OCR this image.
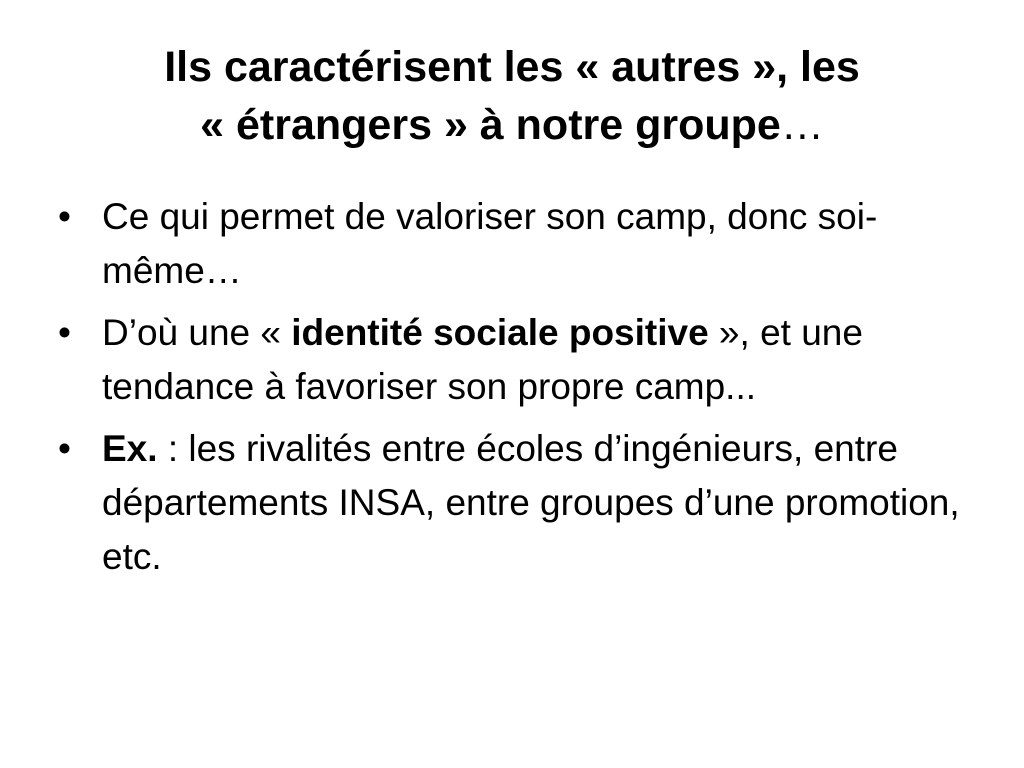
Ils caractérisent les « autres », les
« étrangers » à notre groupe…
• Ce qui permet de valoriser son camp, donc soi-même…
• D’où une « identité sociale positive », et une tendance à favoriser son propre camp...
• Ex. : les rivalités entre écoles d’ingénieurs, entre départements INSA, entre groupes d’une promotion, etc.
